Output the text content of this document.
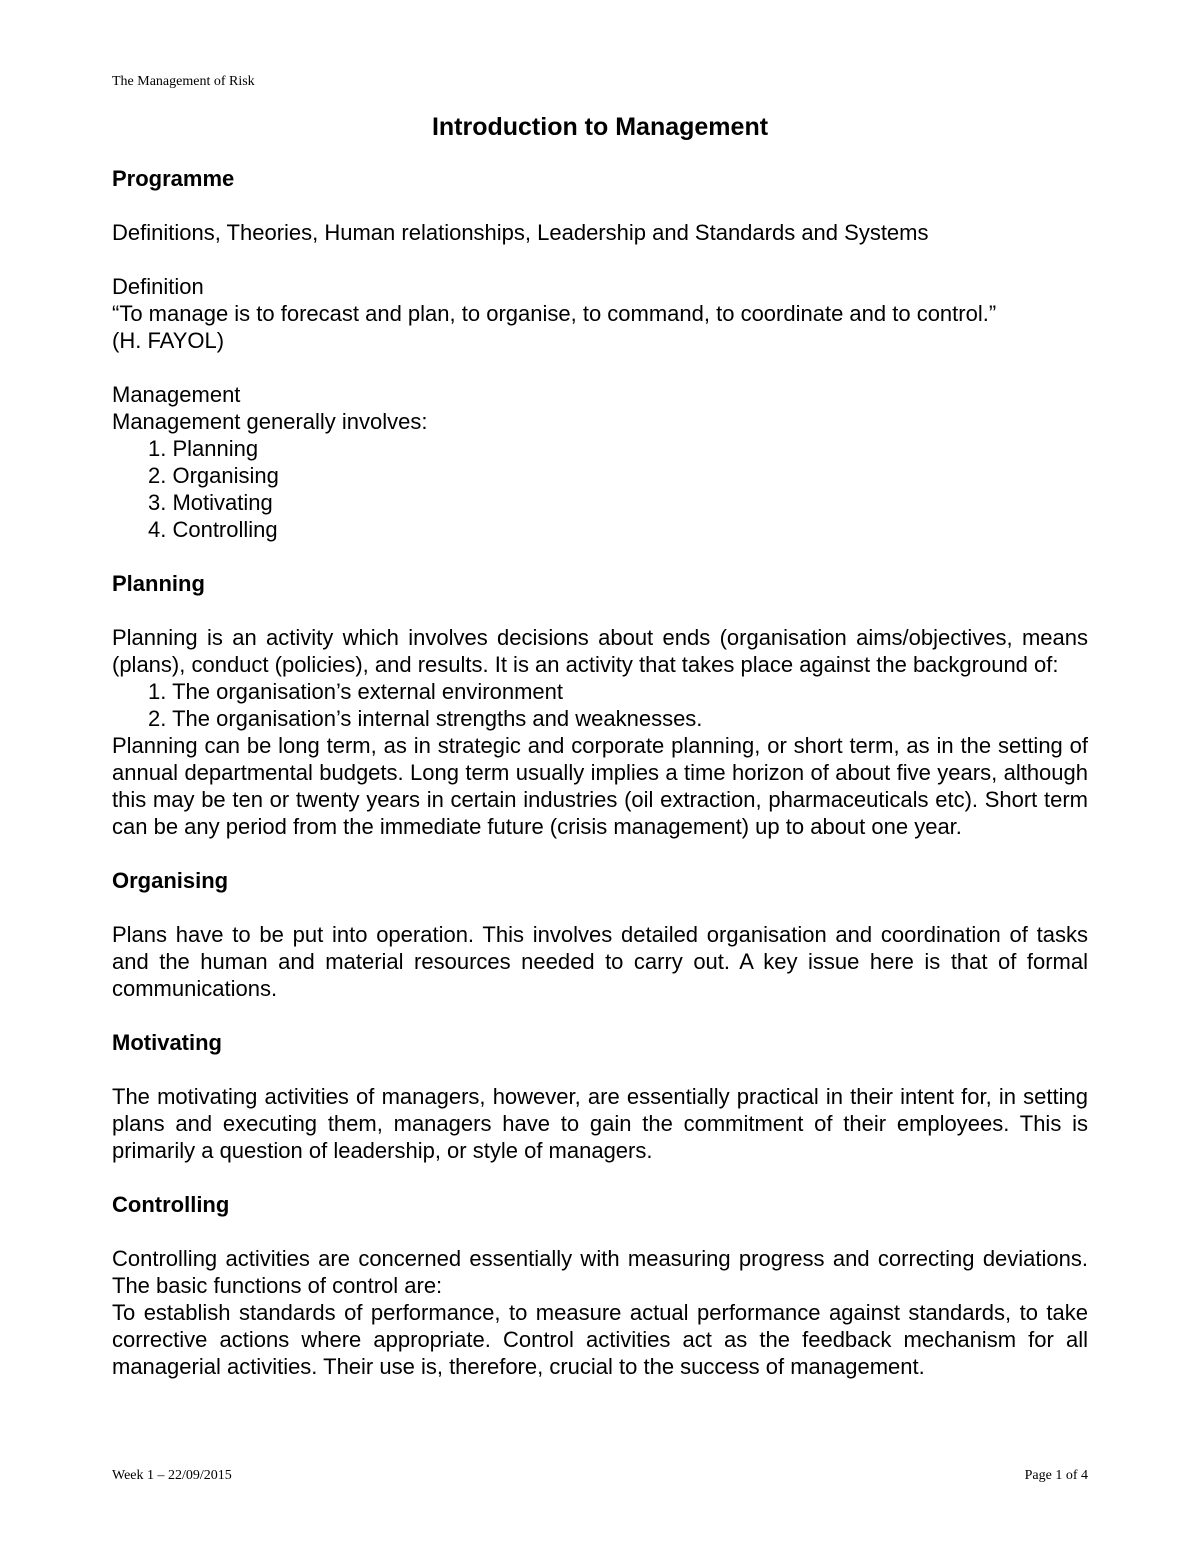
The Management of Risk
Introduction to Management

Programme

Definitions, Theories, Human relationships, Leadership and Standards and Systems

Definition

“To manage is to forecast and plan, to organise, to command, to coordinate and to control.”

(H. FAYOL)

Management

Management generally involves:

1. Planning
2. Organising
3. Motivating
4. Controlling

Planning

Planning is an activity which involves decisions about ends (organisation aims/objectives, means (plans), conduct (policies), and results. It is an activity that takes place against the background of:

1. The organisation’s external environment
2. The organisation’s internal strengths and weaknesses.

Planning can be long term, as in strategic and corporate planning, or short term, as in the setting of annual departmental budgets. Long term usually implies a time horizon of about five years, although this may be ten or twenty years in certain industries (oil extraction, pharmaceuticals etc). Short term can be any period from the immediate future (crisis management) up to about one year.

Organising

Plans have to be put into operation. This involves detailed organisation and coordination of tasks and the human and material resources needed to carry out. A key issue here is that of formal communications.

Motivating

The motivating activities of managers, however, are essentially practical in their intent for, in setting plans and executing them, managers have to gain the commitment of their employees. This is primarily a question of leadership, or style of managers.

Controlling

Controlling activities are concerned essentially with measuring progress and correcting deviations. The basic functions of control are:

To establish standards of performance, to measure actual performance against standards, to take corrective actions where appropriate. Control activities act as the feedback mechanism for all managerial activities. Their use is, therefore, crucial to the success of management.

Week 1 – 22/09/2015	Page 1 of 4
